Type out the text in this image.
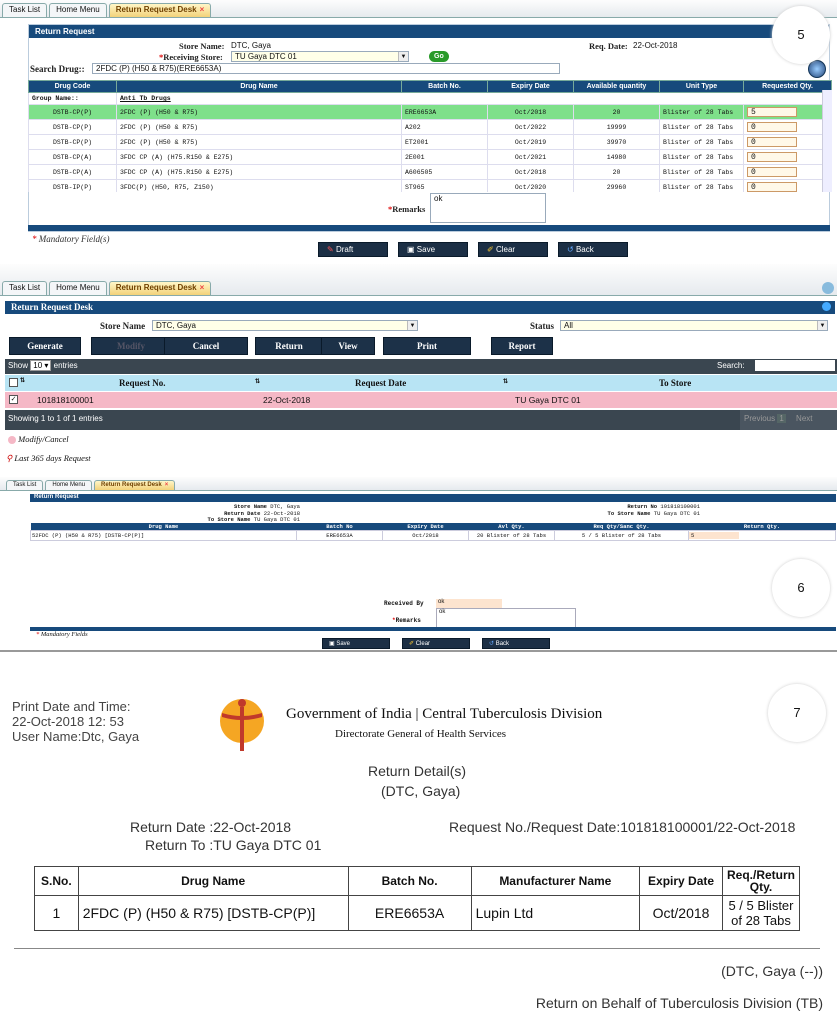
Task List	Home Menu	Return Request Desk ×
Return Request
Store Name: DTC, Gaya	Req. Date: 22-Oct-2018
*Receiving Store:	TU Gaya DTC 01	▼	Go
Search Drug::	2FDC (P) (H50 & R75)(ERE6653A)
Drug Code	Drug Name	Batch No.	Expiry Date	Available quantity	Unit Type	Requested Qty.
Group Name::	Anti Tb Drugs					
DSTB-CP(P)	2FDC (P) (H50 & R75)	ERE6653A	Oct/2018	20	Blister of 28 Tabs	5
DSTB-CP(P)	2FDC (P) (H50 & R75)	A202	Oct/2022	19999	Blister of 28 Tabs	0
DSTB-CP(P)	2FDC (P) (H50 & R75)	ET2001	Oct/2019	39970	Blister of 28 Tabs	0
DSTB-CP(A)	3FDC CP (A) (H75.R150 & E275)	2E001	Oct/2021	14980	Blister of 28 Tabs	0
DSTB-CP(A)	3FDC CP (A) (H75.R150 & E275)	A606505	Oct/2018	20	Blister of 28 Tabs	0
DSTB-IP(P)	3FDC(P) (H50, R75, Z150)	ST965	Oct/2020	29960	Blister of 28 Tabs	0
*Remarks
ok
* Mandatory Field(s)
✎ Draft	▣ Save	✐ Clear	↺ Back
5
Task List	Home Menu	Return Request Desk ×
Return Request Desk
Store Name	DTC, Gaya	▼	Status	All	▼
Generate	Modify	Cancel	Return	View	Print	Report
Show 10 ▾ entries	Search:
⇅	Request No.	⇅	Request Date	⇅	To Store
✓ 101818100001	22-Oct-2018	TU Gaya DTC 01
Showing 1 to 1 of 1 entries	Previous 1 Next
Modify/Cancel
⚲ Last 365 days Request
Task List	Home Menu	Return Request Desk ×
Return Request
Store Name DTC, Gaya
Return Date 22-Oct-2018
To Store Name TU Gaya DTC 01
Return No 101818100001
To Store Name TU Gaya DTC 01
Drug Name	Batch No	Expiry Date	Avl Qty.	Req Qty/Sanc Qty.	Return Qty.
52FDC (P) (H50 & R75) [DSTB-CP(P)]	ERE6653A	Oct/2018	20 Blister of 28 Tabs	5 / 5 Blister of 28 Tabs	5
Received By	ok
*Remarks
ok
* Mandatory Fields
▣ Save	✐ Clear	↺ Back
6
Print Date and Time:
22-Oct-2018 12: 53
User Name:Dtc, Gaya
Government of India | Central Tuberculosis Division
Directorate General of Health Services
Return Detail(s)
(DTC, Gaya)
Return Date :22-Oct-2018
Return To :TU Gaya DTC 01
Request No./Request Date:101818100001/22-Oct-2018
S.No.	Drug Name	Batch No.	Manufacturer Name	Expiry Date	Req./Return Qty.
1	2FDC (P) (H50 & R75) [DSTB-CP(P)]	ERE6653A	Lupin Ltd	Oct/2018	5 / 5 Blister of 28 Tabs
(DTC, Gaya (--))
Return on Behalf of Tuberculosis Division (TB)
7
